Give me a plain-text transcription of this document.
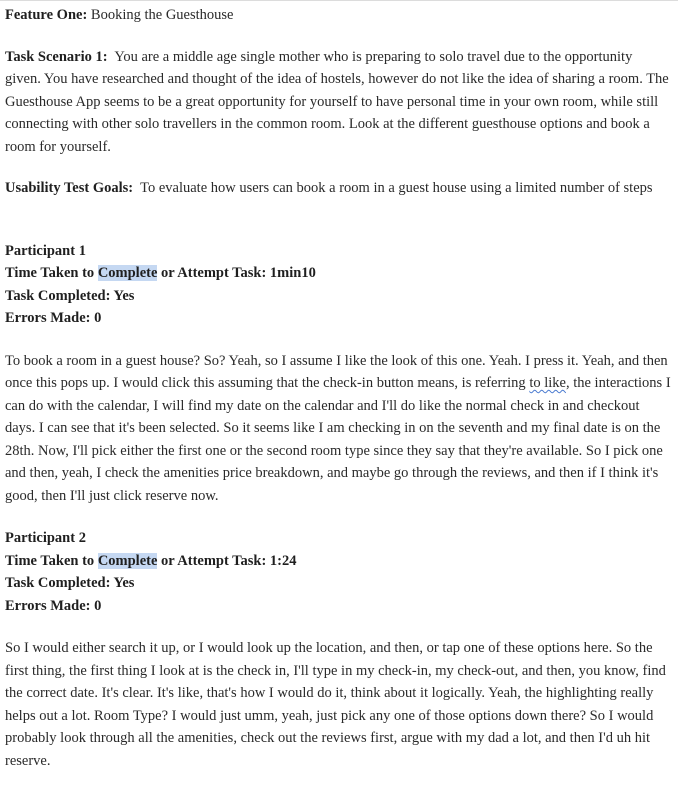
Feature One: Booking the Guesthouse

Task Scenario 1: You are a middle age single mother who is preparing to solo travel due to the opportunity given. You have researched and thought of the idea of hostels, however do not like the idea of sharing a room. The Guesthouse App seems to be a great opportunity for yourself to have personal time in your own room, while still connecting with other solo travellers in the common room. Look at the different guesthouse options and book a room for yourself.

Usability Test Goals: To evaluate how users can book a room in a guest house using a limited number of steps

Participant 1

Time Taken to Complete or Attempt Task: 1min10

Task Completed: Yes

Errors Made: 0

To book a room in a guest house? So? Yeah, so I assume I like the look of this one. Yeah. I press it. Yeah, and then once this pops up. I would click this assuming that the check-in button means, is referring to like, the interactions I can do with the calendar, I will find my date on the calendar and I'll do like the normal check in and checkout days. I can see that it's been selected. So it seems like I am checking in on the seventh and my final date is on the 28th. Now, I'll pick either the first one or the second room type since they say that they're available. So I pick one and then, yeah, I check the amenities price breakdown, and maybe go through the reviews, and then if I think it's good, then I'll just click reserve now.

Participant 2

Time Taken to Complete or Attempt Task: 1:24

Task Completed: Yes

Errors Made: 0

So I would either search it up, or I would look up the location, and then, or tap one of these options here. So the first thing, the first thing I look at is the check in, I'll type in my check-in, my check-out, and then, you know, find the correct date. It's clear. It's like, that's how I would do it, think about it logically. Yeah, the highlighting really helps out a lot. Room Type? I would just umm, yeah, just pick any one of those options down there? So I would probably look through all the amenities, check out the reviews first, argue with my dad a lot, and then I'd uh hit reserve.
